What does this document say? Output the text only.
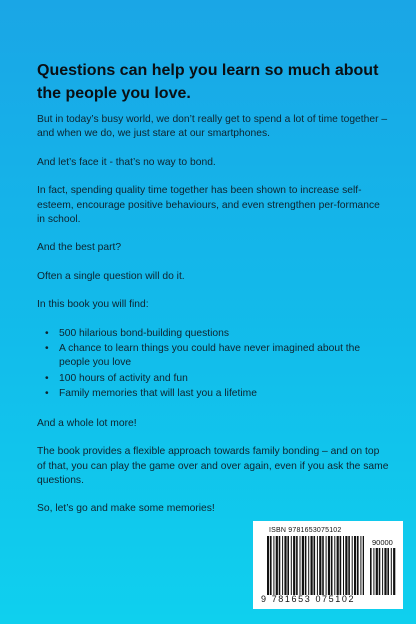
Questions can help you learn so much about the people you love.

But in today’s busy world, we don’t really get to spend a lot of time together – and when we do, we just stare at our smartphones.

And let’s face it - that’s no way to bond.

In fact, spending quality time together has been shown to increase self-esteem, encourage positive behaviours, and even strengthen per-formance in school.

And the best part?

Often a single question will do it.

In this book you will find:

• 500 hilarious bond-building questions
• A chance to learn things you could have never imagined about the people you love
• 100 hours of activity and fun
• Family memories that will last you a lifetime

And a whole lot more!

The book provides a flexible approach towards family bonding – and on top of that, you can play the game over and over again, even if you ask the same questions.

So, let’s go and make some memories!

ISBN 9781653075102
90000
9 781653 075102
